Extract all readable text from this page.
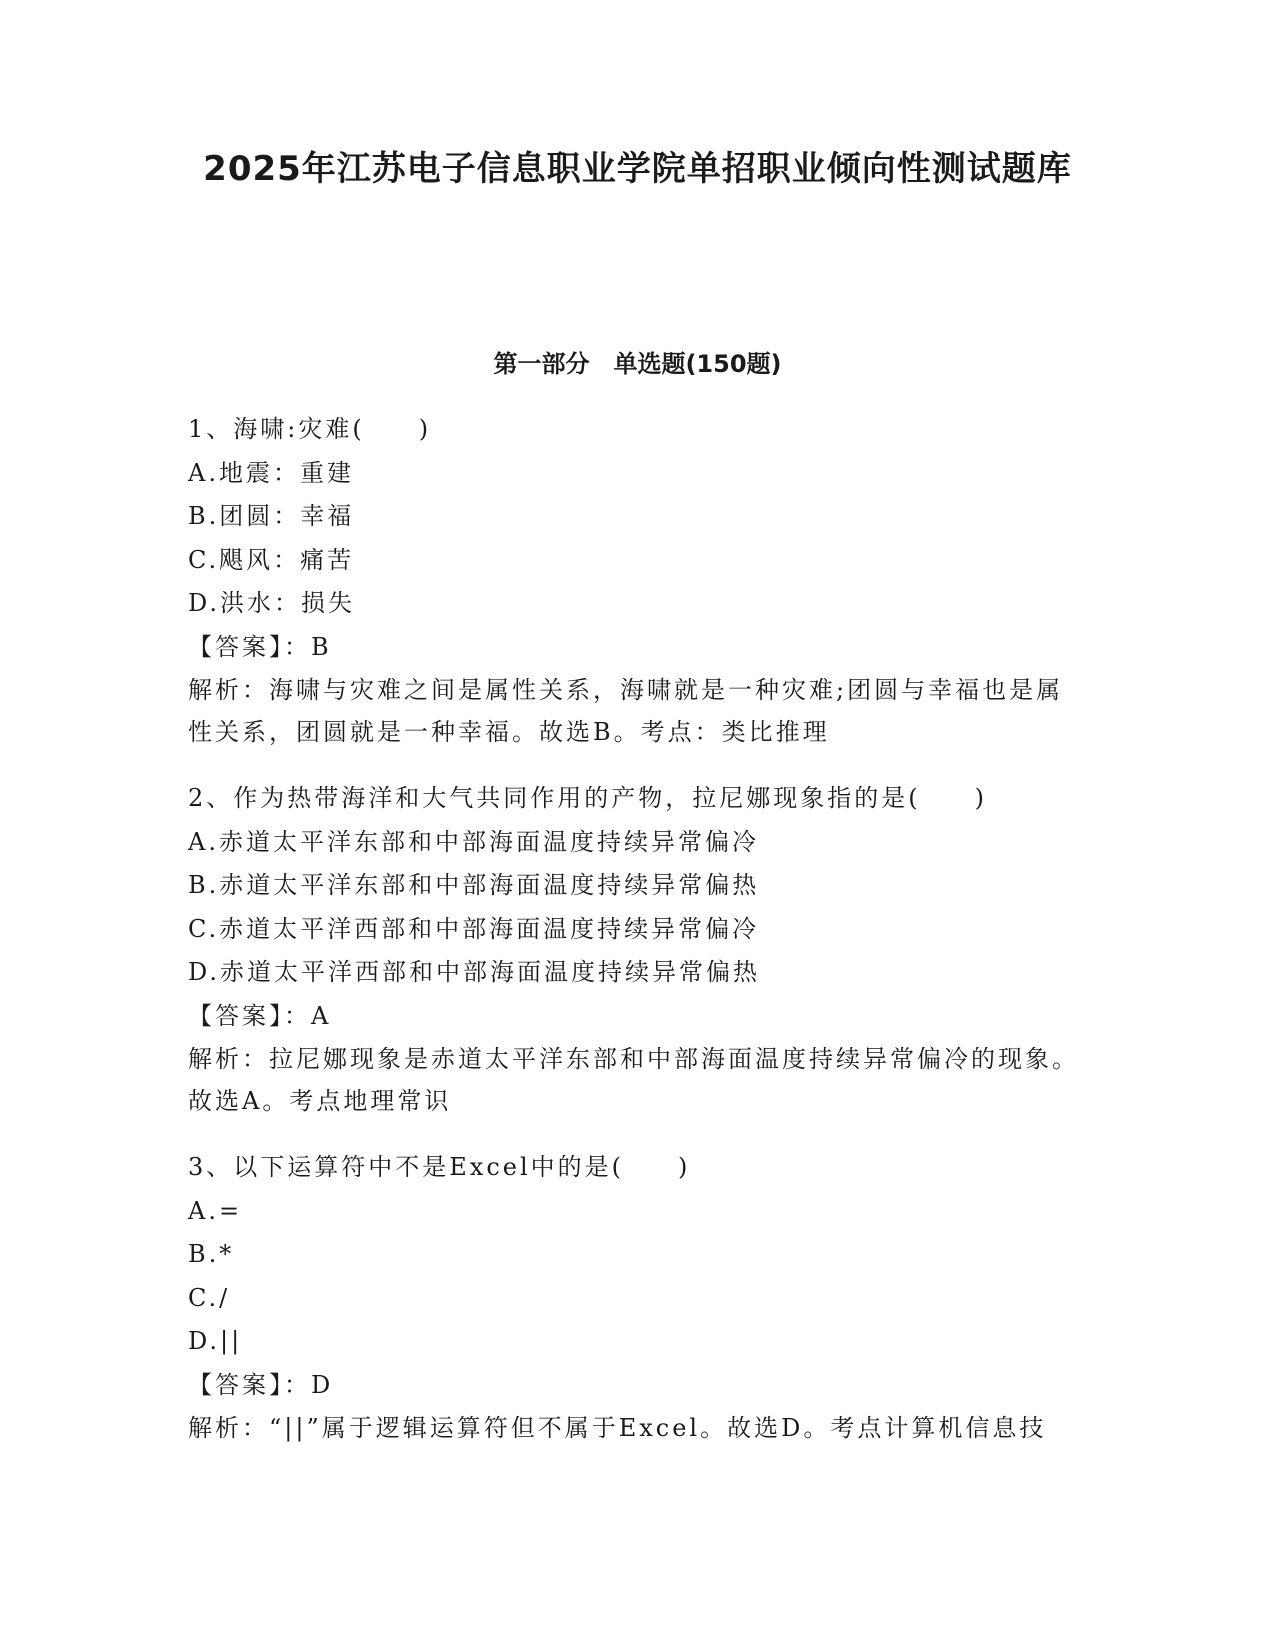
2025年江苏电子信息职业学院单招职业倾向性测试题库
第一部分　单选题(150题)
1、海啸:灾难(　　)
A.地震：重建
B.团圆：幸福
C.飓风：痛苦
D.洪水：损失
【答案】：B
解析：海啸与灾难之间是属性关系，海啸就是一种灾难;团圆与幸福也是属性关系，团圆就是一种幸福。故选B。考点：类比推理
2、作为热带海洋和大气共同作用的产物，拉尼娜现象指的是(　　)
A.赤道太平洋东部和中部海面温度持续异常偏冷
B.赤道太平洋东部和中部海面温度持续异常偏热
C.赤道太平洋西部和中部海面温度持续异常偏冷
D.赤道太平洋西部和中部海面温度持续异常偏热
【答案】：A
解析：拉尼娜现象是赤道太平洋东部和中部海面温度持续异常偏冷的现象。故选A。考点地理常识
3、以下运算符中不是Excel中的是(　　)
A.=
B.*
C./
D.||
【答案】：D
解析：“||”属于逻辑运算符但不属于Excel。故选D。考点计算机信息技
